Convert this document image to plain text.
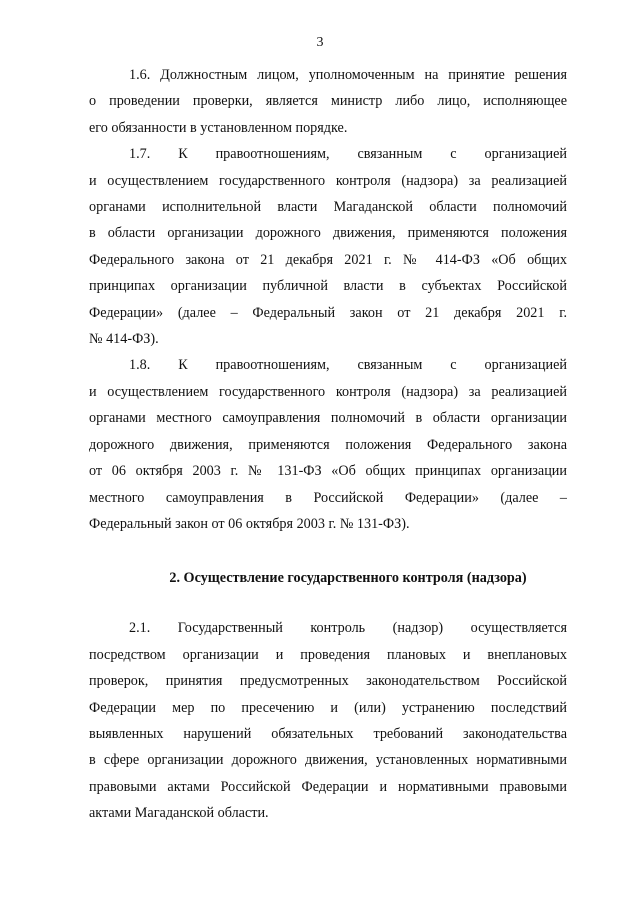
3

1.6. Должностным лицом, уполномоченным на принятие решения
о проведении проверки, является министр либо лицо, исполняющее
его обязанности в установленном порядке.

1.7. К правоотношениям, связанным с организацией
и осуществлением государственного контроля (надзора) за реализацией
органами исполнительной власти Магаданской области полномочий
в области организации дорожного движения, применяются положения
Федерального закона от 21 декабря 2021 г. № 414-ФЗ «Об общих
принципах организации публичной власти в субъектах Российской
Федерации» (далее – Федеральный закон от 21 декабря 2021 г.
№ 414-ФЗ).

1.8. К правоотношениям, связанным с организацией
и осуществлением государственного контроля (надзора) за реализацией
органами местного самоуправления полномочий в области организации
дорожного движения, применяются положения Федерального закона
от 06 октября 2003 г. № 131-ФЗ «Об общих принципах организации
местного самоуправления в Российской Федерации» (далее –
Федеральный закон от 06 октября 2003 г. № 131-ФЗ).

2. Осуществление государственного контроля (надзора)

2.1. Государственный контроль (надзор) осуществляется
посредством организации и проведения плановых и внеплановых
проверок, принятия предусмотренных законодательством Российской
Федерации мер по пресечению и (или) устранению последствий
выявленных нарушений обязательных требований законодательства
в сфере организации дорожного движения, установленных нормативными
правовыми актами Российской Федерации и нормативными правовыми
актами Магаданской области.
